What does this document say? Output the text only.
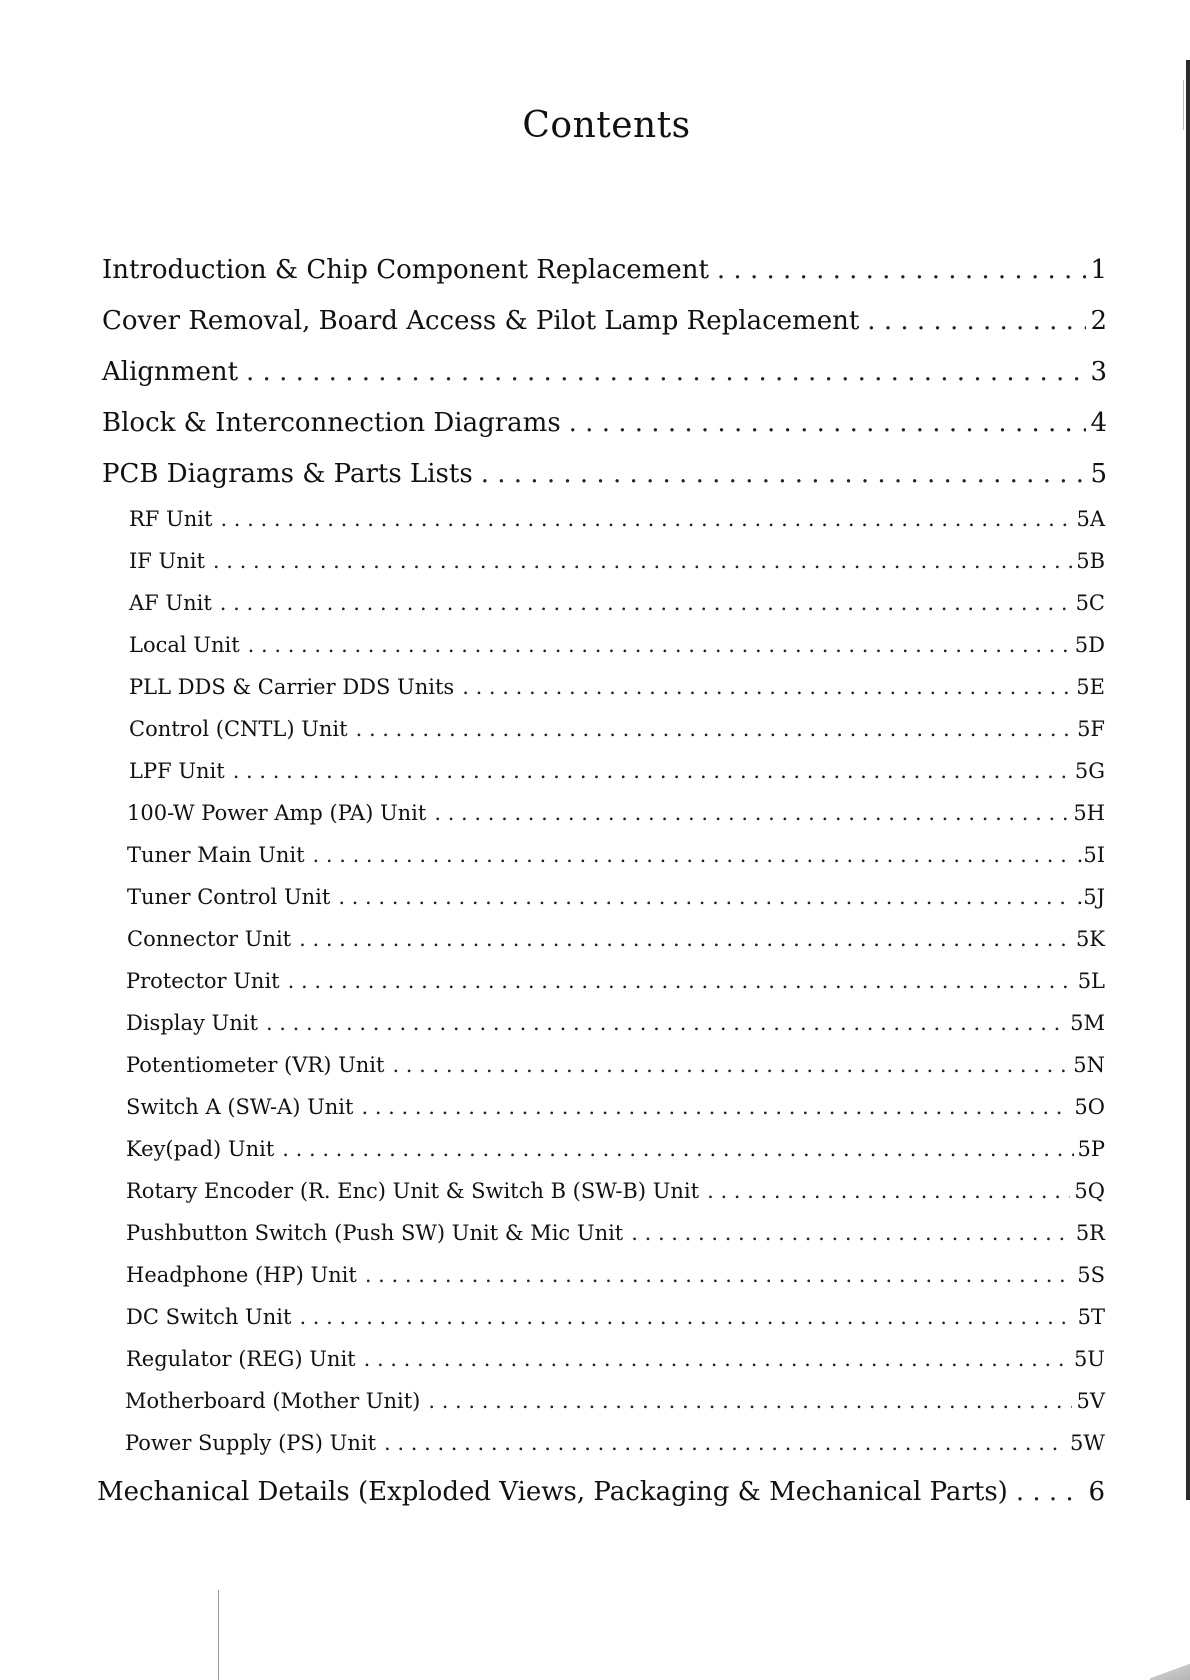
Contents
Introduction & Chip Component Replacement . . .	1
Cover Removal, Board Access & Pilot Lamp Replacement . . .	2
Alignment . . .	3
Block & Interconnection Diagrams . . .	4
PCB Diagrams & Parts Lists . . .	5
RF Unit . . .	5A
IF Unit . . .	5B
AF Unit . . .	5C
Local Unit . . .	5D
PLL DDS & Carrier DDS Units . . .	5E
Control (CNTL) Unit . . .	5F
LPF Unit . . .	5G
100-W Power Amp (PA) Unit . . .	5H
Tuner Main Unit . . .	.5I
Tuner Control Unit . . .	.5J
Connector Unit . . .	5K
Protector Unit . . .	5L
Display Unit . . .	5M
Potentiometer (VR) Unit . . .	5N
Switch A (SW-A) Unit . . .	5O
Key(pad) Unit . . .	5P
Rotary Encoder (R. Enc) Unit & Switch B (SW-B) Unit . . .	5Q
Pushbutton Switch (Push SW) Unit & Mic Unit . . .	5R
Headphone (HP) Unit . . .	5S
DC Switch Unit . . .	5T
Regulator (REG) Unit . . .	5U
Motherboard (Mother Unit) . . .	5V
Power Supply (PS) Unit . . .	5W
Mechanical Details (Exploded Views, Packaging & Mechanical Parts) . . .	6
